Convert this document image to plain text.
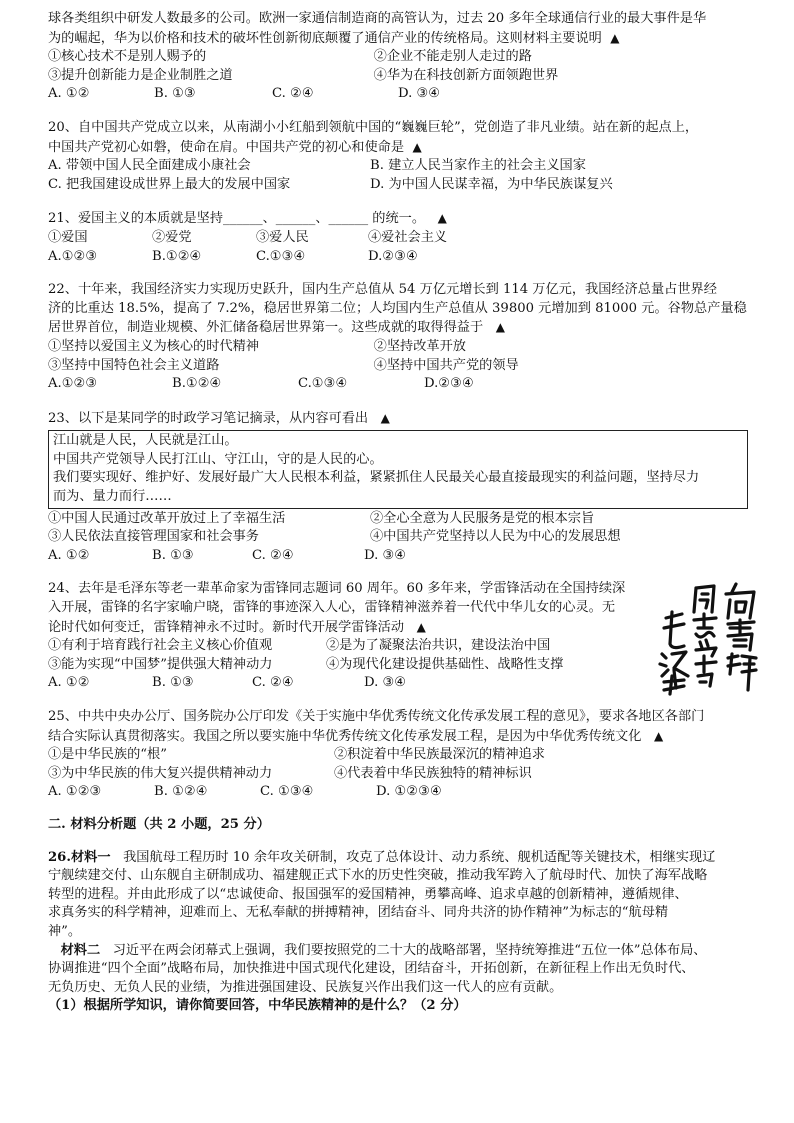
球各类组织中研发人数最多的公司。欧洲一家通信制造商的高管认为，过去 20 多年全球通信行业的最大事件是华

为的崛起，华为以价格和技术的破坏性创新彻底颠覆了通信产业的传统格局。这则材料主要说明 ▲

①核心技术不是别人赐予的	②企业不能走别人走过的路
③提升创新能力是企业制胜之道	④华为在科技创新方面领跑世界
A. ①②	B. ①③	C. ②④	D. ③④

20、自中国共产党成立以来，从南湖小小红船到领航中国的“巍巍巨轮”，党创造了非凡业绩。站在新的起点上，

中国共产党初心如磐，使命在肩。中国共产党的初心和使命是 ▲

A. 带领中国人民全面建成小康社会	B. 建立人民当家作主的社会主义国家
C. 把我国建设成世界上最大的发展中国家	D. 为中国人民谋幸福，为中华民族谋复兴

21、爱国主义的本质就是坚持______、______、______ 的统一。 ▲

①爱国	②爱党	③爱人民	④爱社会主义
A.①②③	B.①②④	C.①③④	D.②③④

22、十年来，我国经济实力实现历史跃升，国内生产总值从 54 万亿元增长到 114 万亿元，我国经济总量占世界经

济的比重达 18.5%，提高了 7.2%，稳居世界第二位；人均国内生产总值从 39800 元增加到 81000 元。谷物总产量稳

居世界首位，制造业规模、外汇储备稳居世界第一。这些成就的取得得益于 ▲

①坚持以爱国主义为核心的时代精神	②坚持改革开放
③坚持中国特色社会主义道路	④坚持中国共产党的领导
A.①②③	B.①②④	C.①③④	D.②③④

23、以下是某同学的时政学习笔记摘录，从内容可看出 ▲

江山就是人民，人民就是江山。

中国共产党领导人民打江山、守江山，守的是人民的心。

我们要实现好、维护好、发展好最广大人民根本利益，紧紧抓住人民最关心最直接最现实的利益问题，坚持尽力

而为、量力而行……

①中国人民通过改革开放过上了幸福生活	②全心全意为人民服务是党的根本宗旨
③人民依法直接管理国家和社会事务	④中国共产党坚持以人民为中心的发展思想
A. ①②	B. ①③	C. ②④	D. ③④

24、去年是毛泽东等老一辈革命家为雷锋同志题词 60 周年。60 多年来，学雷锋活动在全国持续深

入开展，雷锋的名字家喻户晓，雷锋的事迹深入人心，雷锋精神滋养着一代代中华儿女的心灵。无

论时代如何变迁，雷锋精神永不过时。新时代开展学雷锋活动 ▲

①有利于培育践行社会主义核心价值观	②是为了凝聚法治共识，建设法治中国
③能为实现“中国梦”提供强大精神动力	④为现代化建设提供基础性、战略性支撑
A. ①②	B. ①③	C. ②④	D. ③④

25、中共中央办公厅、国务院办公厅印发《关于实施中华优秀传统文化传承发展工程的意见》，要求各地区各部门

结合实际认真贯彻落实。我国之所以要实施中华优秀传统文化传承发展工程，是因为中华优秀传统文化 ▲

①是中华民族的“根”	②积淀着中华民族最深沉的精神追求
③为中华民族的伟大复兴提供精神动力	④代表着中华民族独特的精神标识
A. ①②③	B. ①②④	C. ①③④	D. ①②③④

二. 材料分析题（共 2 小题，25 分）

26.材料一 我国航母工程历时 10 余年攻关研制，攻克了总体设计、动力系统、舰机适配等关键技术，相继实现辽

宁舰续建交付、山东舰自主研制成功、福建舰正式下水的历史性突破，推动我军跨入了航母时代、加快了海军战略

转型的进程。并由此形成了以“忠诚使命、报国强军的爱国精神，勇攀高峰、追求卓越的创新精神，遵循规律、

求真务实的科学精神，迎难而上、无私奉献的拼搏精神，团结奋斗、同舟共济的协作精神”为标志的“航母精

神”。

材料二 习近平在两会闭幕式上强调，我们要按照党的二十大的战略部署，坚持统筹推进“五位一体”总体布局、

协调推进“四个全面”战略布局，加快推进中国式现代化建设，团结奋斗，开拓创新，在新征程上作出无负时代、

无负历史、无负人民的业绩，为推进强国建设、民族复兴作出我们这一代人的应有贡献。

（1）根据所学知识，请你简要回答，中华民族精神的是什么？（2 分）
